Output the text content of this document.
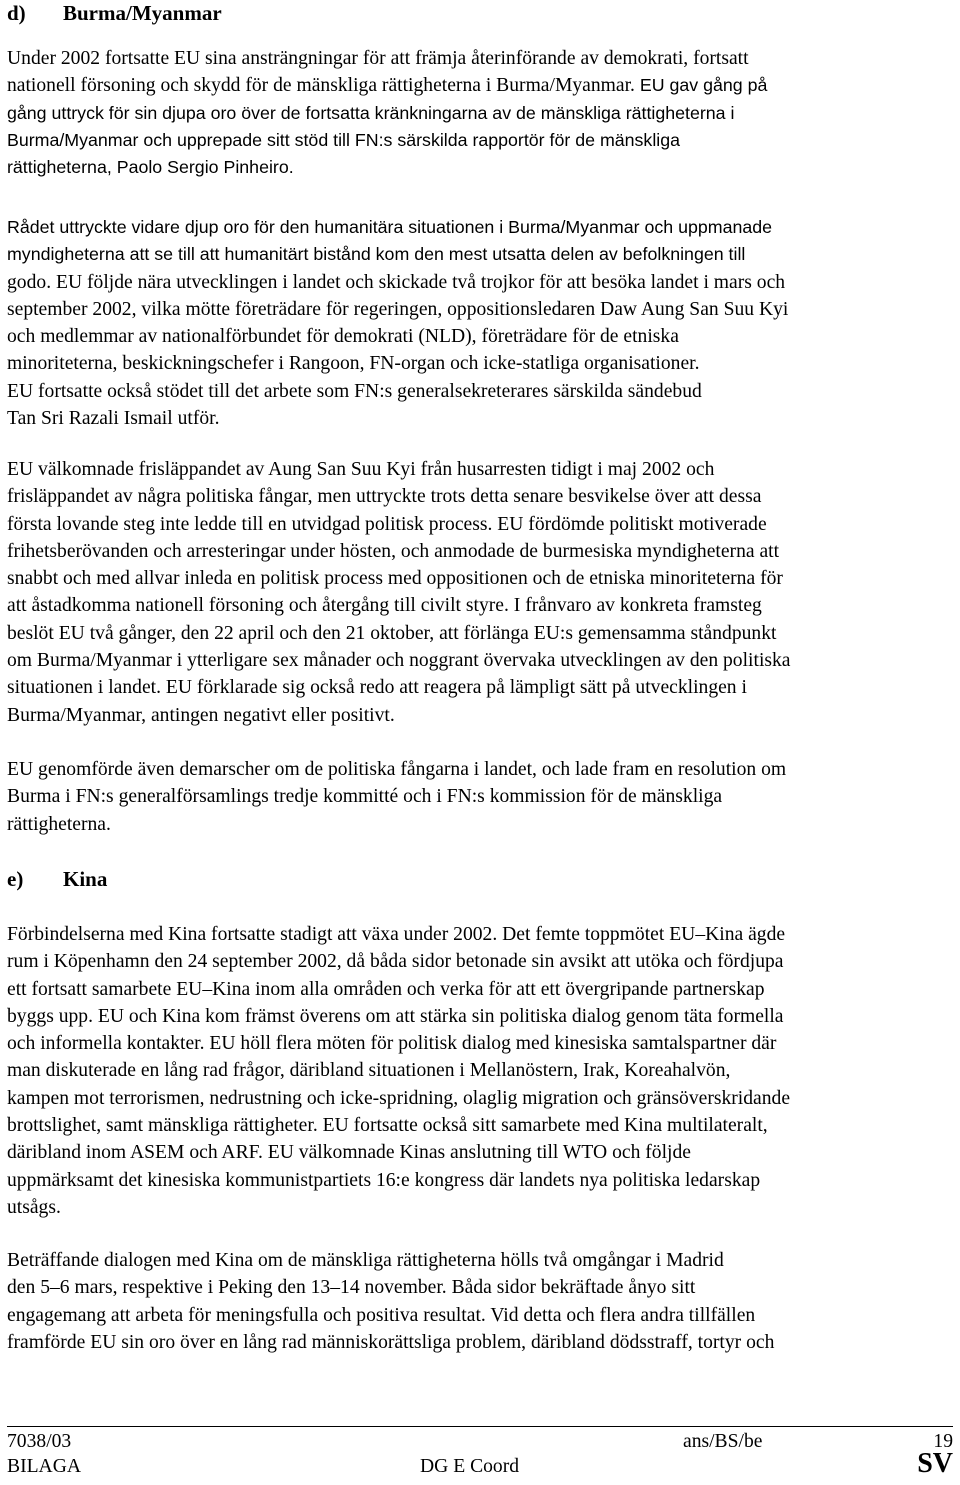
d) Burma/Myanmar
Under 2002 fortsatte EU sina ansträngningar för att främja återinförande av demokrati, fortsatt
nationell försoning och skydd för de mänskliga rättigheterna i Burma/Myanmar. EU gav gång på
gång uttryck för sin djupa oro över de fortsatta kränkningarna av de mänskliga rättigheterna i
Burma/Myanmar och upprepade sitt stöd till FN:s särskilda rapportör för de mänskliga
rättigheterna, Paolo Sergio Pinheiro.
Rådet uttryckte vidare djup oro för den humanitära situationen i Burma/Myanmar och uppmanade
myndigheterna att se till att humanitärt bistånd kom den mest utsatta delen av befolkningen till
godo. EU följde nära utvecklingen i landet och skickade två trojkor för att besöka landet i mars och
september 2002, vilka mötte företrädare för regeringen, oppositionsledaren Daw Aung San Suu Kyi
och medlemmar av nationalförbundet för demokrati (NLD), företrädare för de etniska
minoriteterna, beskickningschefer i Rangoon, FN-organ och icke-statliga organisationer.
EU fortsatte också stödet till det arbete som FN:s generalsekreterares särskilda sändebud
Tan Sri Razali Ismail utför.
EU välkomnade frisläppandet av Aung San Suu Kyi från husarresten tidigt i maj 2002 och
frisläppandet av några politiska fångar, men uttryckte trots detta senare besvikelse över att dessa
första lovande steg inte ledde till en utvidgad politisk process. EU fördömde politiskt motiverade
frihetsberövanden och arresteringar under hösten, och anmodade de burmesiska myndigheterna att
snabbt och med allvar inleda en politisk process med oppositionen och de etniska minoriteterna för
att åstadkomma nationell försoning och återgång till civilt styre. I frånvaro av konkreta framsteg
beslöt EU två gånger, den 22 april och den 21 oktober, att förlänga EU:s gemensamma ståndpunkt
om Burma/Myanmar i ytterligare sex månader och noggrant övervaka utvecklingen av den politiska
situationen i landet. EU förklarade sig också redo att reagera på lämpligt sätt på utvecklingen i
Burma/Myanmar, antingen negativt eller positivt.
EU genomförde även demarscher om de politiska fångarna i landet, och lade fram en resolution om
Burma i FN:s generalförsamlings tredje kommitté och i FN:s kommission för de mänskliga
rättigheterna.
e) Kina
Förbindelserna med Kina fortsatte stadigt att växa under 2002. Det femte toppmötet EU–Kina ägde
rum i Köpenhamn den 24 september 2002, då båda sidor betonade sin avsikt att utöka och fördjupa
ett fortsatt samarbete EU–Kina inom alla områden och verka för att ett övergripande partnerskap
byggs upp. EU och Kina kom främst överens om att stärka sin politiska dialog genom täta formella
och informella kontakter. EU höll flera möten för politisk dialog med kinesiska samtalspartner där
man diskuterade en lång rad frågor, däribland situationen i Mellanöstern, Irak, Koreahalvön,
kampen mot terrorismen, nedrustning och icke-spridning, olaglig migration och gränsöverskridande
brottslighet, samt mänskliga rättigheter. EU fortsatte också sitt samarbete med Kina multilateralt,
däribland inom ASEM och ARF. EU välkomnade Kinas anslutning till WTO och följde
uppmärksamt det kinesiska kommunistpartiets 16:e kongress där landets nya politiska ledarskap
utsågs.
Beträffande dialogen med Kina om de mänskliga rättigheterna hölls två omgångar i Madrid
den 5–6 mars, respektive i Peking den 13–14 november. Båda sidor bekräftade ånyo sitt
engagemang att arbeta för meningsfulla och positiva resultat. Vid detta och flera andra tillfällen
framförde EU sin oro över en lång rad människorättsliga problem, däribland dödsstraff, tortyr och
7038/03	ans/BS/be	19
BILAGA	DG E Coord	SV
